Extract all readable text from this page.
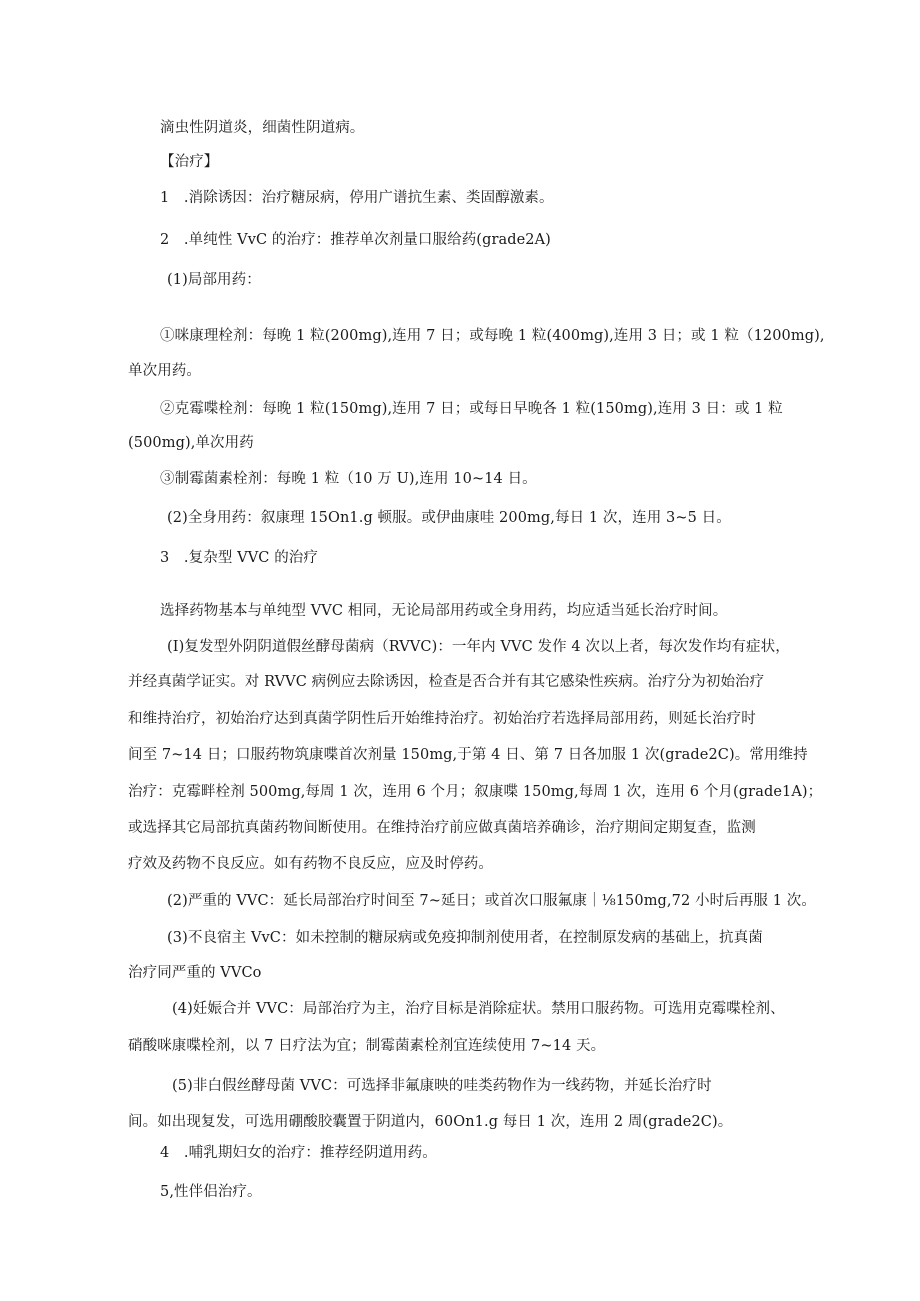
滴虫性阴道炎，细菌性阴道病。
【治疗】
1　.消除诱因：治疗糖尿病，停用广谱抗生素、类固醇激素。
2　.单纯性 VvC 的治疗：推荐单次剂量口服给药(grade2A)
(1)局部用药：
①咪康理栓剂：每晚 1 粒(200mg),连用 7 日；或每晚 1 粒(400mg),连用 3 日；或 1 粒（1200mg),
单次用药。
②克霉喋栓剂：每晚 1 粒(150mg),连用 7 日；或每日早晚各 1 粒(150mg),连用 3 日：或 1 粒
(500mg),单次用药
③制霉菌素栓剂：每晚 1 粒（10 万 U),连用 10~14 日。
(2)全身用药：叙康理 15On1.g 顿服。或伊曲康哇 200mg,每日 1 次，连用 3~5 日。
3　.复杂型 VVC 的治疗
选择药物基本与单纯型 VVC 相同，无论局部用药或全身用药，均应适当延长治疗时间。
(I)复发型外阴阴道假丝酵母菌病（RVVC)：一年内 VVC 发作 4 次以上者，每次发作均有症状，
并经真菌学证实。对 RVVC 病例应去除诱因，检查是否合并有其它感染性疾病。治疗分为初始治疗
和维持治疗，初始治疗达到真菌学阴性后开始维持治疗。初始治疗若选择局部用药，则延长治疗时
间至 7~14 日；口服药物筑康喋首次剂量 150mg,于第 4 日、第 7 日各加服 1 次(grade2C)。常用维持
治疗：克霉畔栓剂 500mg,每周 1 次，连用 6 个月；叙康喋 150mg,每周 1 次，连用 6 个月(grade1A)；
或选择其它局部抗真菌药物间断使用。在维持治疗前应做真菌培养确诊，治疗期间定期复查，监测
疗效及药物不良反应。如有药物不良反应，应及时停药。
(2)严重的 VVC：延长局部治疗时间至 7~延日；或首次口服氟康｜⅛150mg,72 小时后再服 1 次。
(3)不良宿主 VvC：如未控制的糖尿病或免疫抑制剂使用者，在控制原发病的基础上，抗真菌
治疗同严重的 VVCo
(4)妊娠合并 VVC：局部治疗为主，治疗目标是消除症状。禁用口服药物。可选用克霉喋栓剂、
硝酸咪康喋栓剂，以 7 日疗法为宜；制霉菌素栓剂宜连续使用 7~14 天。
(5)非白假丝酵母菌 VVC：可选择非氟康映的哇类药物作为一线药物，并延长治疗时
间。如出现复发，可选用硼酸胶囊置于阴道内，60On1.g 每日 1 次，连用 2 周(grade2C)。
4　.哺乳期妇女的治疗：推荐经阴道用药。
5,性伴侣治疗。
